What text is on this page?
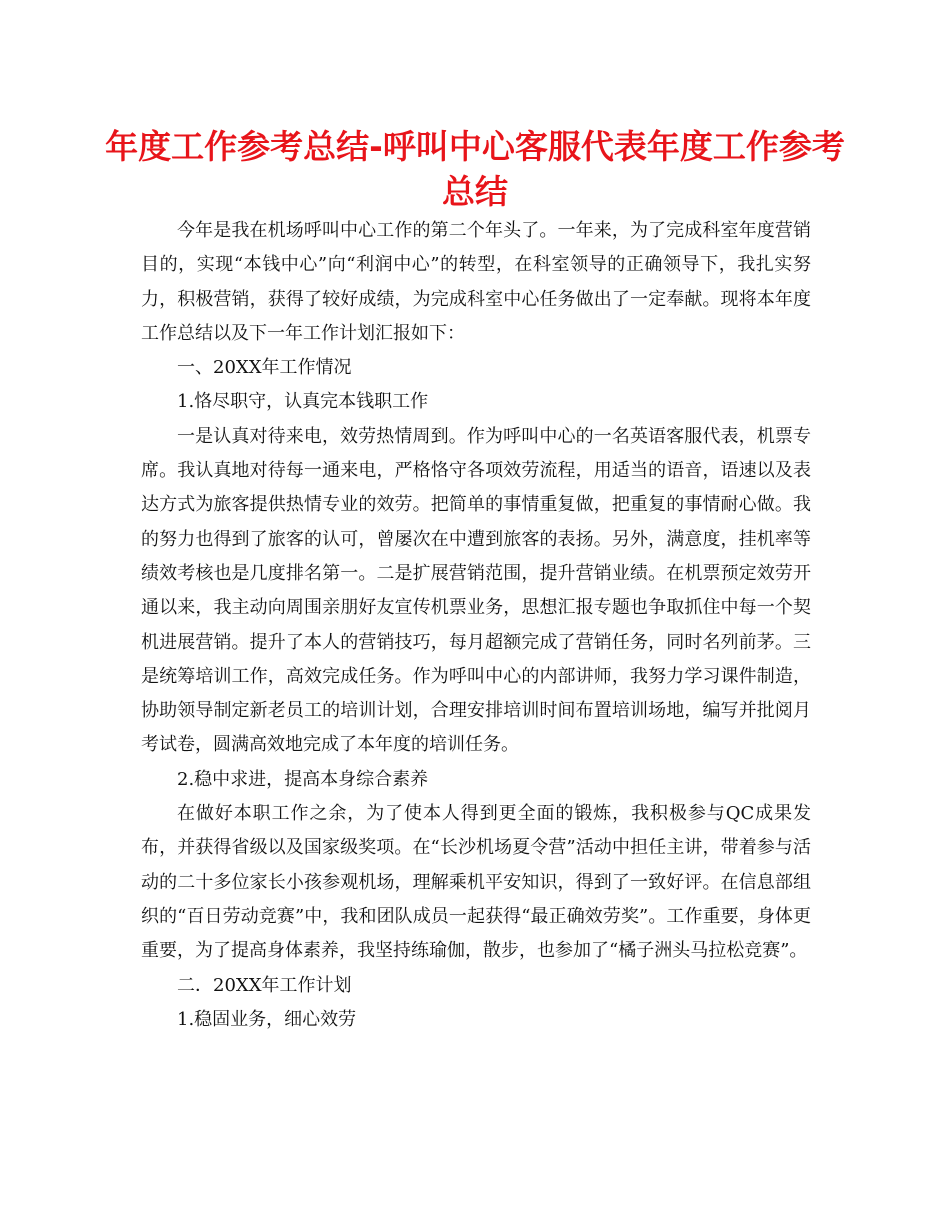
年度工作参考总结-呼叫中心客服代表年度工作参考总结

今年是我在机场呼叫中心工作的第二个年头了。一年来，为了完成科室年度营销目的，实现“本钱中心”向“利润中心”的转型，在科室领导的正确领导下，我扎实努力，积极营销，获得了较好成绩，为完成科室中心任务做出了一定奉献。现将本年度工作总结以及下一年工作计划汇报如下：

一、20XX年工作情况

1.恪尽职守，认真完本钱职工作

一是认真对待来电，效劳热情周到。作为呼叫中心的一名英语客服代表，机票专席。我认真地对待每一通来电，严格恪守各项效劳流程，用适当的语音，语速以及表达方式为旅客提供热情专业的效劳。把简单的事情重复做，把重复的事情耐心做。我的努力也得到了旅客的认可，曾屡次在中遭到旅客的表扬。另外，满意度，挂机率等绩效考核也是几度排名第一。二是扩展营销范围，提升营销业绩。在机票预定效劳开通以来，我主动向周围亲朋好友宣传机票业务，思想汇报专题也争取抓住中每一个契机进展营销。提升了本人的营销技巧，每月超额完成了营销任务，同时名列前茅。三是统筹培训工作，高效完成任务。作为呼叫中心的内部讲师，我努力学习课件制造，协助领导制定新老员工的培训计划，合理安排培训时间布置培训场地，编写并批阅月考试卷，圆满高效地完成了本年度的培训任务。

2.稳中求进，提高本身综合素养

在做好本职工作之余，为了使本人得到更全面的锻炼，我积极参与QC成果发布，并获得省级以及国家级奖项。在“长沙机场夏令营”活动中担任主讲，带着参与活动的二十多位家长小孩参观机场，理解乘机平安知识，得到了一致好评。在信息部组织的“百日劳动竞赛”中，我和团队成员一起获得“最正确效劳奖”。工作重要，身体更重要，为了提高身体素养，我坚持练瑜伽，散步，也参加了“橘子洲头马拉松竞赛”。

二．20XX年工作计划

1.稳固业务，细心效劳
